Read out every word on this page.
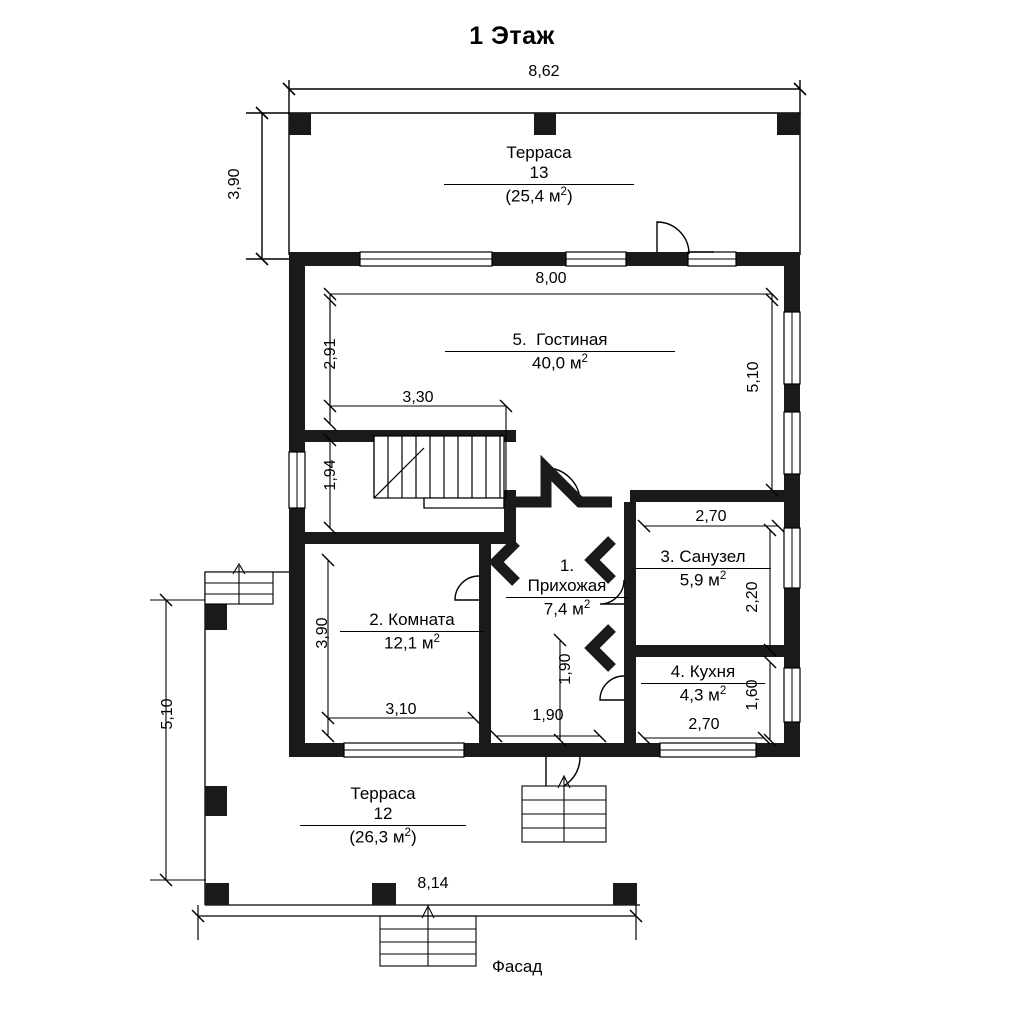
1 Этаж
Терраса
13
(25,4 $м^2$)
5. Гостиная
40,0 $м^2$
3. Санузел
5,9 $м^2$
1.
Прихожая
7,4 $м^2$
2. Комната
12,1 $м^2$
4. Кухня
4,3 $м^2$
Терраса
12
(26,3 $м^2$)
Фасад
8,62
3,90
8,00
2,91
5,10
3,30
1,94
2,70
2,20
3,90
3,10
1,90
1,90
1,60
2,70
5,10
8,14
